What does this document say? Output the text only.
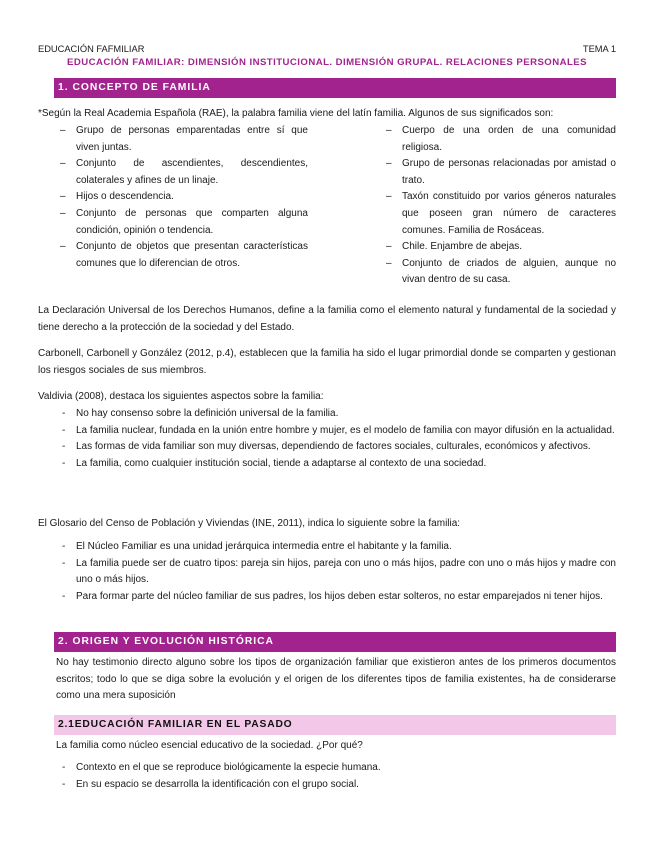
EDUCACIÓN FAFMILIAR	TEMA 1
EDUCACIÓN FAMILIAR: DIMENSIÓN INSTITUCIONAL. DIMENSIÓN GRUPAL. RELACIONES PERSONALES
1. CONCEPTO DE FAMILIA
*Según la Real Academia Española (RAE), la palabra familia viene del latín familia. Algunos de sus significados son:
– Grupo de personas emparentadas entre sí que viven juntas.
– Conjunto de ascendientes, descendientes, colaterales y afines de un linaje.
– Hijos o descendencia.
– Conjunto de personas que comparten alguna condición, opinión o tendencia.
– Conjunto de objetos que presentan características comunes que lo diferencian de otros.
– Cuerpo de una orden de una comunidad religiosa.
– Grupo de personas relacionadas por amistad o trato.
– Taxón constituido por varios géneros naturales que poseen gran número de caracteres comunes. Familia de Rosáceas.
– Chile. Enjambre de abejas.
– Conjunto de criados de alguien, aunque no vivan dentro de su casa.
La Declaración Universal de los Derechos Humanos, define a la familia como el elemento natural y fundamental de la sociedad y tiene derecho a la protección de la sociedad y del Estado.
Carbonell, Carbonell y González (2012, p.4), establecen que la familia ha sido el lugar primordial donde se comparten y gestionan los riesgos sociales de sus miembros.
Valdivia (2008), destaca los siguientes aspectos sobre la familia:
- No hay consenso sobre la definición universal de la familia.
- La familia nuclear, fundada en la unión entre hombre y mujer, es el modelo de familia con mayor difusión en la actualidad.
- Las formas de vida familiar son muy diversas, dependiendo de factores sociales, culturales, económicos y afectivos.
- La familia, como cualquier institución social, tiende a adaptarse al contexto de una sociedad.
El Glosario del Censo de Población y Viviendas (INE, 2011), indica lo siguiente sobre la familia:
- El Núcleo Familiar es una unidad jerárquica intermedia entre el habitante y la familia.
- La familia puede ser de cuatro tipos: pareja sin hijos, pareja con uno o más hijos, padre con uno o más hijos y madre con uno o más hijos.
- Para formar parte del núcleo familiar de sus padres, los hijos deben estar solteros, no estar emparejados ni tener hijos.
2. ORIGEN Y EVOLUCIÓN HISTÓRICA
No hay testimonio directo alguno sobre los tipos de organización familiar que existieron antes de los primeros documentos escritos; todo lo que se diga sobre la evolución y el origen de los diferentes tipos de familia existentes, ha de considerarse como una mera suposición
2.1EDUCACIÓN FAMILIAR EN EL PASADO
La familia como núcleo esencial educativo de la sociedad. ¿Por qué?
- Contexto en el que se reproduce biológicamente la especie humana.
- En su espacio se desarrolla la identificación con el grupo social.
